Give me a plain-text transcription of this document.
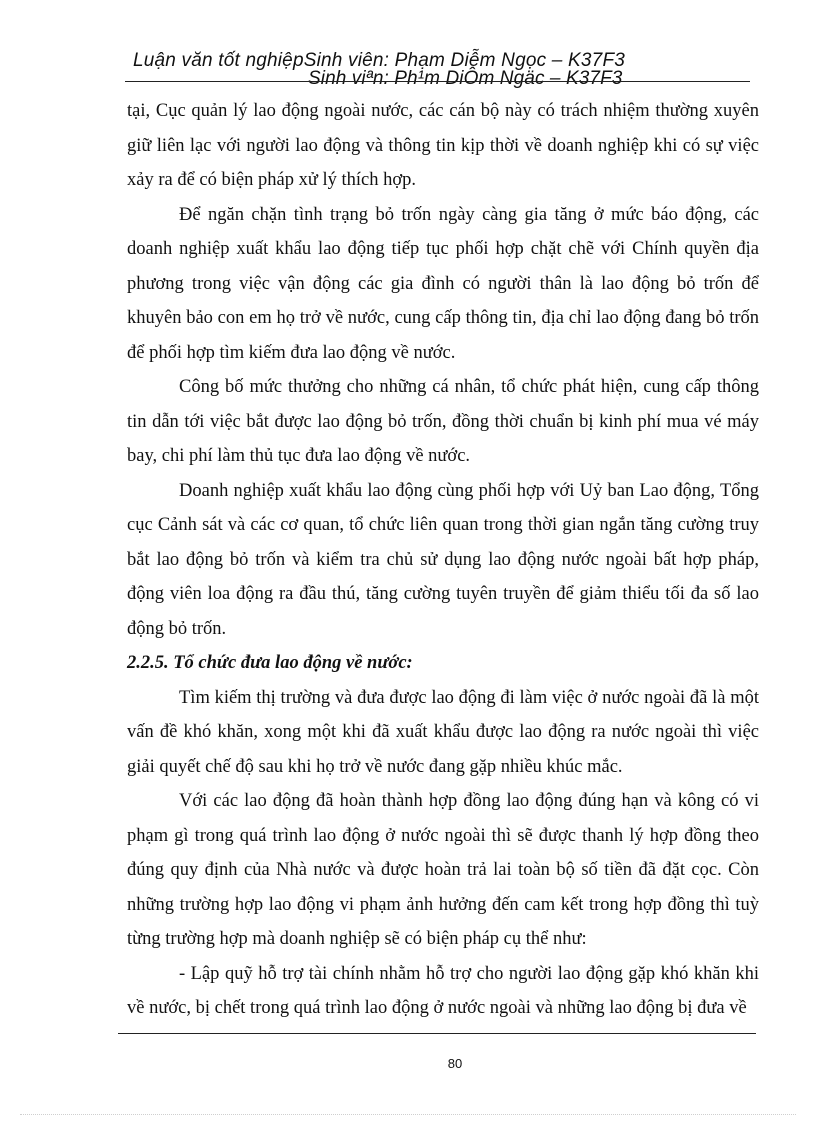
Luận văn tốt nghiệpSinh viên: Phạm Diễm Ngọc – K37F3
Sinh viªn: Ph¹m DiÔm Ngäc – K37F3

tại, Cục quản lý lao động ngoài nước, các cán bộ này có trách nhiệm thường xuyên giữ liên lạc với người lao động và thông tin kịp thời về doanh nghiệp khi có sự việc xảy ra để có biện pháp xử lý thích hợp.

Để ngăn chặn tình trạng bỏ trốn ngày càng gia tăng ở mức báo động, các doanh nghiệp xuất khẩu lao động tiếp tục phối hợp chặt chẽ với Chính quyền địa phương trong việc vận động các gia đình có người thân là lao động bỏ trốn để khuyên bảo con em họ trở về nước, cung cấp thông tin, địa chỉ lao động đang bỏ trốn để phối hợp tìm kiếm đưa lao động về nước.

Công bố mức thưởng cho những cá nhân, tổ chức phát hiện, cung cấp thông tin dẫn tới việc bắt được lao động bỏ trốn, đồng thời chuẩn bị kinh phí mua vé máy bay, chi phí làm thủ tục đưa lao động về nước.

Doanh nghiệp xuất khẩu lao động cùng phối hợp với Uỷ ban Lao động, Tổng cục Cảnh sát và các cơ quan, tổ chức liên quan trong thời gian ngắn tăng cường truy bắt lao động bỏ trốn và kiểm tra chủ sử dụng lao động nước ngoài bất hợp pháp, động viên loa động ra đầu thú, tăng cường tuyên truyền để giảm thiểu tối đa số lao động bỏ trốn.

2.2.5. Tổ chức đưa lao động về nước:

Tìm kiếm thị trường và đưa được lao động đi làm việc ở nước ngoài đã là một vấn đề khó khăn, xong một khi đã xuất khẩu được lao động ra nước ngoài thì việc giải quyết chế độ sau khi họ trở về nước đang gặp nhiều khúc mắc.

Với các lao động đã hoàn thành hợp đồng lao động đúng hạn và kông có vi phạm gì trong quá trình lao động ở nước ngoài thì sẽ được thanh lý hợp đồng theo đúng quy định của Nhà nước và được hoàn trả lai toàn bộ số tiền đã đặt cọc. Còn những trường hợp lao động vi phạm ảnh hưởng đến cam kết trong hợp đồng thì tuỳ từng trường hợp mà doanh nghiệp sẽ có biện pháp cụ thể như:

- Lập quỹ hỗ trợ tài chính nhằm hỗ trợ cho người lao động gặp khó khăn khi về nước, bị chết trong quá trình lao động ở nước ngoài và những lao động bị đưa về

80
